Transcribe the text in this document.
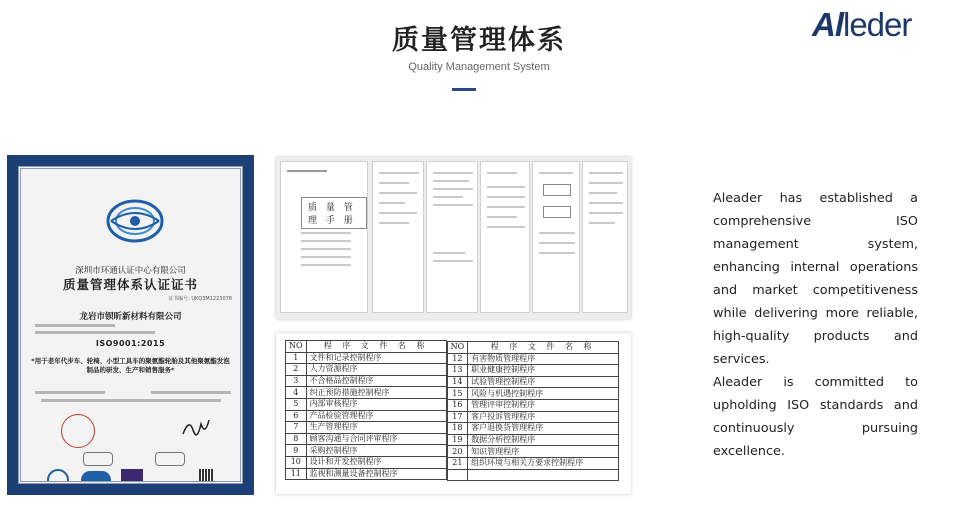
质量管理体系
Quality Management System
Alleder
深圳市环通认证中心有限公司
质量管理体系认证证书
证书编号: UKQ3M1223078
龙岩市钡昕新材料有限公司
ISO9001:2015
*用于老年代步车、轮椅、小型工具车的聚氨酯轮胎及其他聚氨酯发泡制品的研发、生产和销售服务*
质 量 管 理 手 册
NO	程 序 文 件 名 称
1	文件和记录控制程序
2	人力资源程序
3	不合格品控制程序
4	纠正预防措施控制程序
5	内部审核程序
6	产品检验管理程序
7	生产管理程序
8	顾客沟通与合同评审程序
9	采购控制程序
10	设计和开发控制程序
11	监视和测量设备控制程序
NO	程 序 文 件 名 称
12	有害物质管理程序
13	职业健康控制程序
14	试验管理控制程序
15	风险与机遇控制程序
16	管理评审控制程序
17	客户投诉管理程序
18	客户退换货管理程序
19	数据分析控制程序
20	知识管理程序
21	组织环境与相关方要求控制程序

Aleader has established a comprehensive ISO management system, enhancing internal operations and market competitiveness while delivering more reliable, high-quality products and services.

Aleader is committed to upholding ISO standards and continuously pursuing excellence.
